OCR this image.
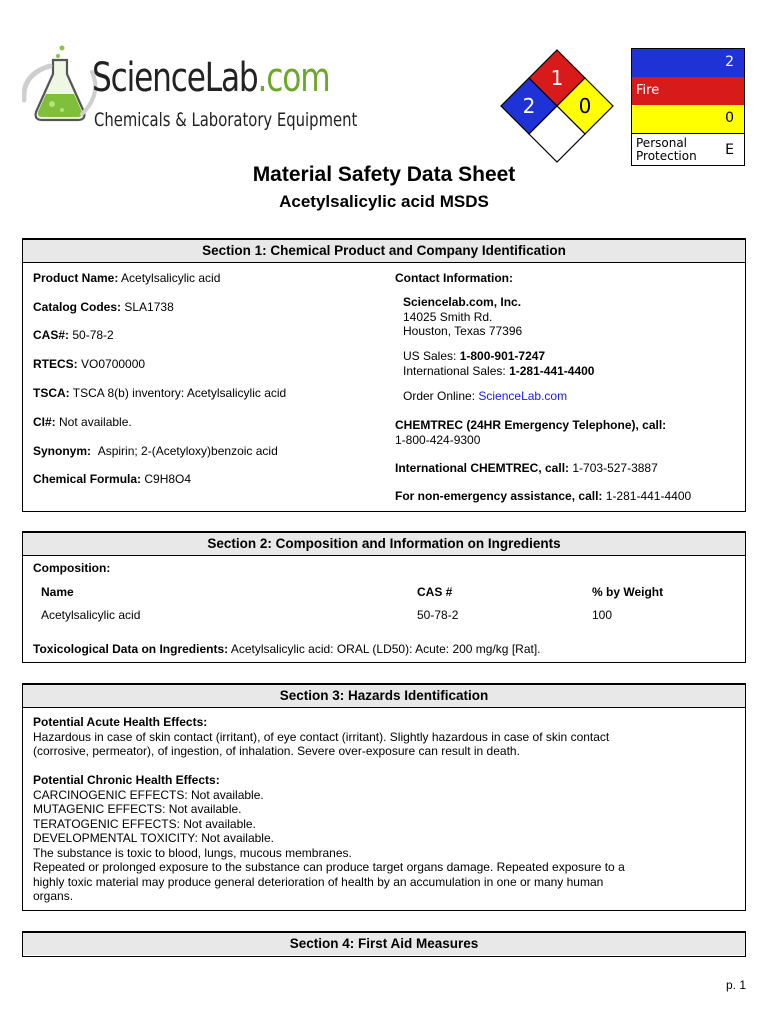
ScienceLab.com
Chemicals & Laboratory Equipment
1
2 0
2
Fire
0
Personal Protection	E
Material Safety Data Sheet
Acetylsalicylic acid MSDS
Section 1: Chemical Product and Company Identification
Product Name: Acetylsalicylic acid
Catalog Codes: SLA1738
CAS#: 50-78-2
RTECS: VO0700000
TSCA: TSCA 8(b) inventory: Acetylsalicylic acid
CI#: Not available.
Synonym: Aspirin; 2-(Acetyloxy)benzoic acid
Chemical Formula: C9H8O4
Contact Information:
Sciencelab.com, Inc.
14025 Smith Rd.
Houston, Texas 77396
US Sales: 1-800-901-7247
International Sales: 1-281-441-4400
Order Online: ScienceLab.com
CHEMTREC (24HR Emergency Telephone), call:
1-800-424-9300
International CHEMTREC, call: 1-703-527-3887
For non-emergency assistance, call: 1-281-441-4400
Section 2: Composition and Information on Ingredients
Composition:
Name	CAS #	% by Weight
Acetylsalicylic acid	50-78-2	100
Toxicological Data on Ingredients: Acetylsalicylic acid: ORAL (LD50): Acute: 200 mg/kg [Rat].
Section 3: Hazards Identification
Potential Acute Health Effects:
Hazardous in case of skin contact (irritant), of eye contact (irritant). Slightly hazardous in case of skin contact
(corrosive, permeator), of ingestion, of inhalation. Severe over-exposure can result in death.
Potential Chronic Health Effects:
CARCINOGENIC EFFECTS: Not available.
MUTAGENIC EFFECTS: Not available.
TERATOGENIC EFFECTS: Not available.
DEVELOPMENTAL TOXICITY: Not available.
The substance is toxic to blood, lungs, mucous membranes.
Repeated or prolonged exposure to the substance can produce target organs damage. Repeated exposure to a
highly toxic material may produce general deterioration of health by an accumulation in one or many human
organs.
Section 4: First Aid Measures
p. 1
